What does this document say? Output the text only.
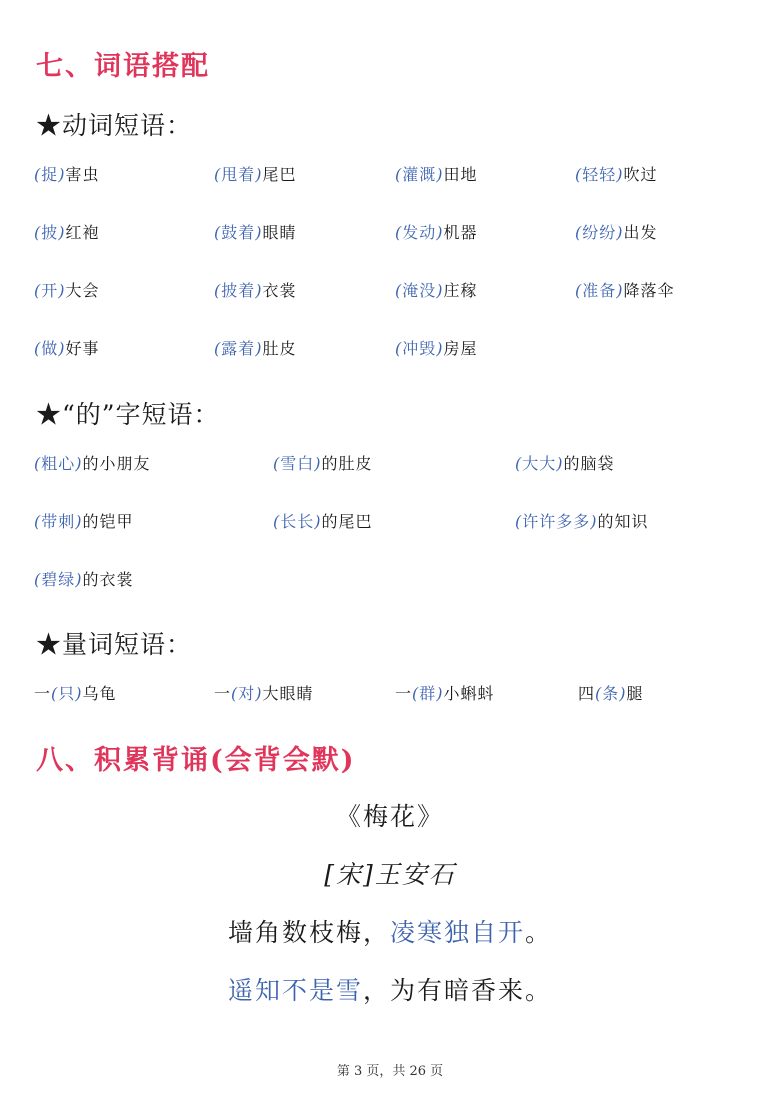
七、词语搭配
★动词短语：
(捉)害虫	(甩着)尾巴	(灌溉)田地	(轻轻)吹过
(披)红袍	(鼓着)眼睛	(发动)机器	(纷纷)出发
(开)大会	(披着)衣裳	(淹没)庄稼	(准备)降落伞
(做)好事	(露着)肚皮	(冲毁)房屋
★“的”字短语：
(粗心)的小朋友	(雪白)的肚皮	(大大)的脑袋
(带刺)的铠甲	(长长)的尾巴	(许许多多)的知识
(碧绿)的衣裳
★量词短语：
一(只)乌龟	一(对)大眼睛	一(群)小蝌蚪	四(条)腿
八、积累背诵(会背会默)
《梅花》
[宋]王安石
墙角数枝梅，凌寒独自开。
遥知不是雪，为有暗香来。
第 3 页，共 26 页
